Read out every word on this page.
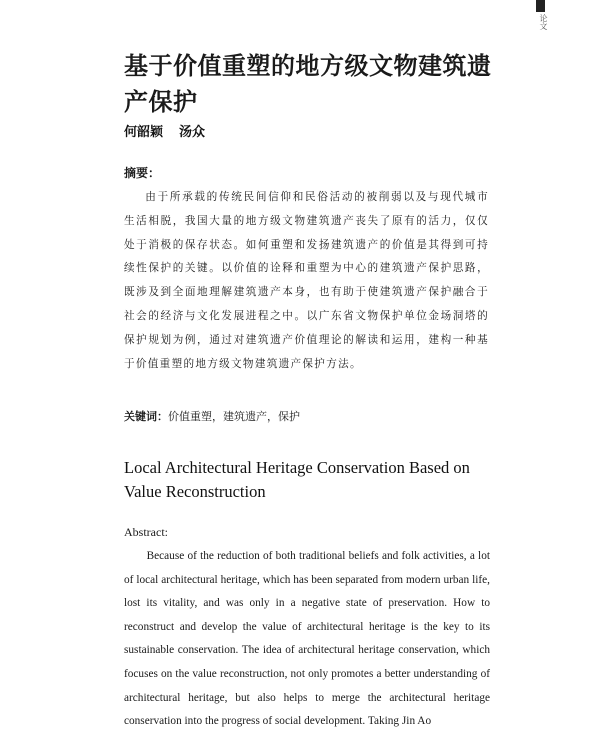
论文
基于价值重塑的地方级文物建筑遗产保护
何韶颖 汤众
摘要：

由于所承载的传统民间信仰和民俗活动的被削弱以及与现代城市生活相脱，我国大量的地方级文物建筑遗产丧失了原有的活力，仅仅处于消极的保存状态。如何重塑和发扬建筑遗产的价值是其得到可持续性保护的关键。以价值的诠释和重塑为中心的建筑遗产保护思路，既涉及到全面地理解建筑遗产本身，也有助于使建筑遗产保护融合于社会的经济与文化发展进程之中。以广东省文物保护单位金场洞塔的保护规划为例，通过对建筑遗产价值理论的解读和运用，建构一种基于价值重塑的地方级文物建筑遗产保护方法。

关键词：价值重塑，建筑遗产，保护
Local Architectural Heritage Conservation Based on Value Reconstruction
Abstract:

Because of the reduction of both traditional beliefs and folk activities, a lot of local architectural heritage, which has been separated from modern urban life, lost its vitality, and was only in a negative state of preservation. How to reconstruct and develop the value of architectural heritage is the key to its sustainable conservation. The idea of architectural heritage conservation, which focuses on the value reconstruction, not only promotes a better understanding of architectural heritage, but also helps to merge the architectural heritage conservation into the progress of social development. Taking Jin Ao
